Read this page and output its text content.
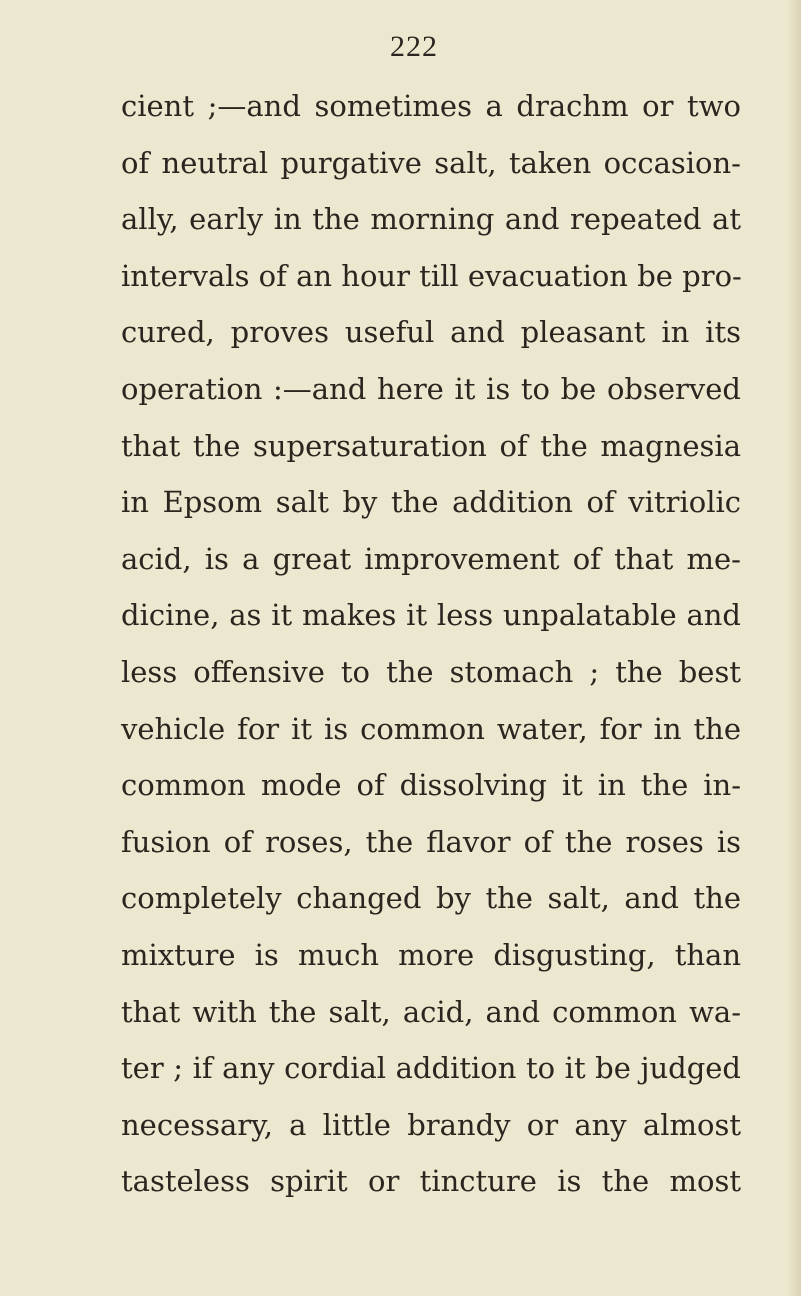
222
cient ;—and sometimes a drachm or two
of neutral purgative salt, taken occasion-
ally, early in the morning and repeated at
intervals of an hour till evacuation be pro-
cured, proves useful and pleasant in its
operation :—and here it is to be observed
that the supersaturation of the magnesia
in Epsom salt by the addition of vitriolic
acid, is a great improvement of that me-
dicine, as it makes it less unpalatable and
less offensive to the stomach ; the best
vehicle for it is common water, for in the
common mode of dissolving it in the in-
fusion of roses, the flavor of the roses is
completely changed by the salt, and the
mixture is much more disgusting, than
that with the salt, acid, and common wa-
ter ; if any cordial addition to it be judged
necessary, a little brandy or any almost
tasteless spirit or tincture is the most
